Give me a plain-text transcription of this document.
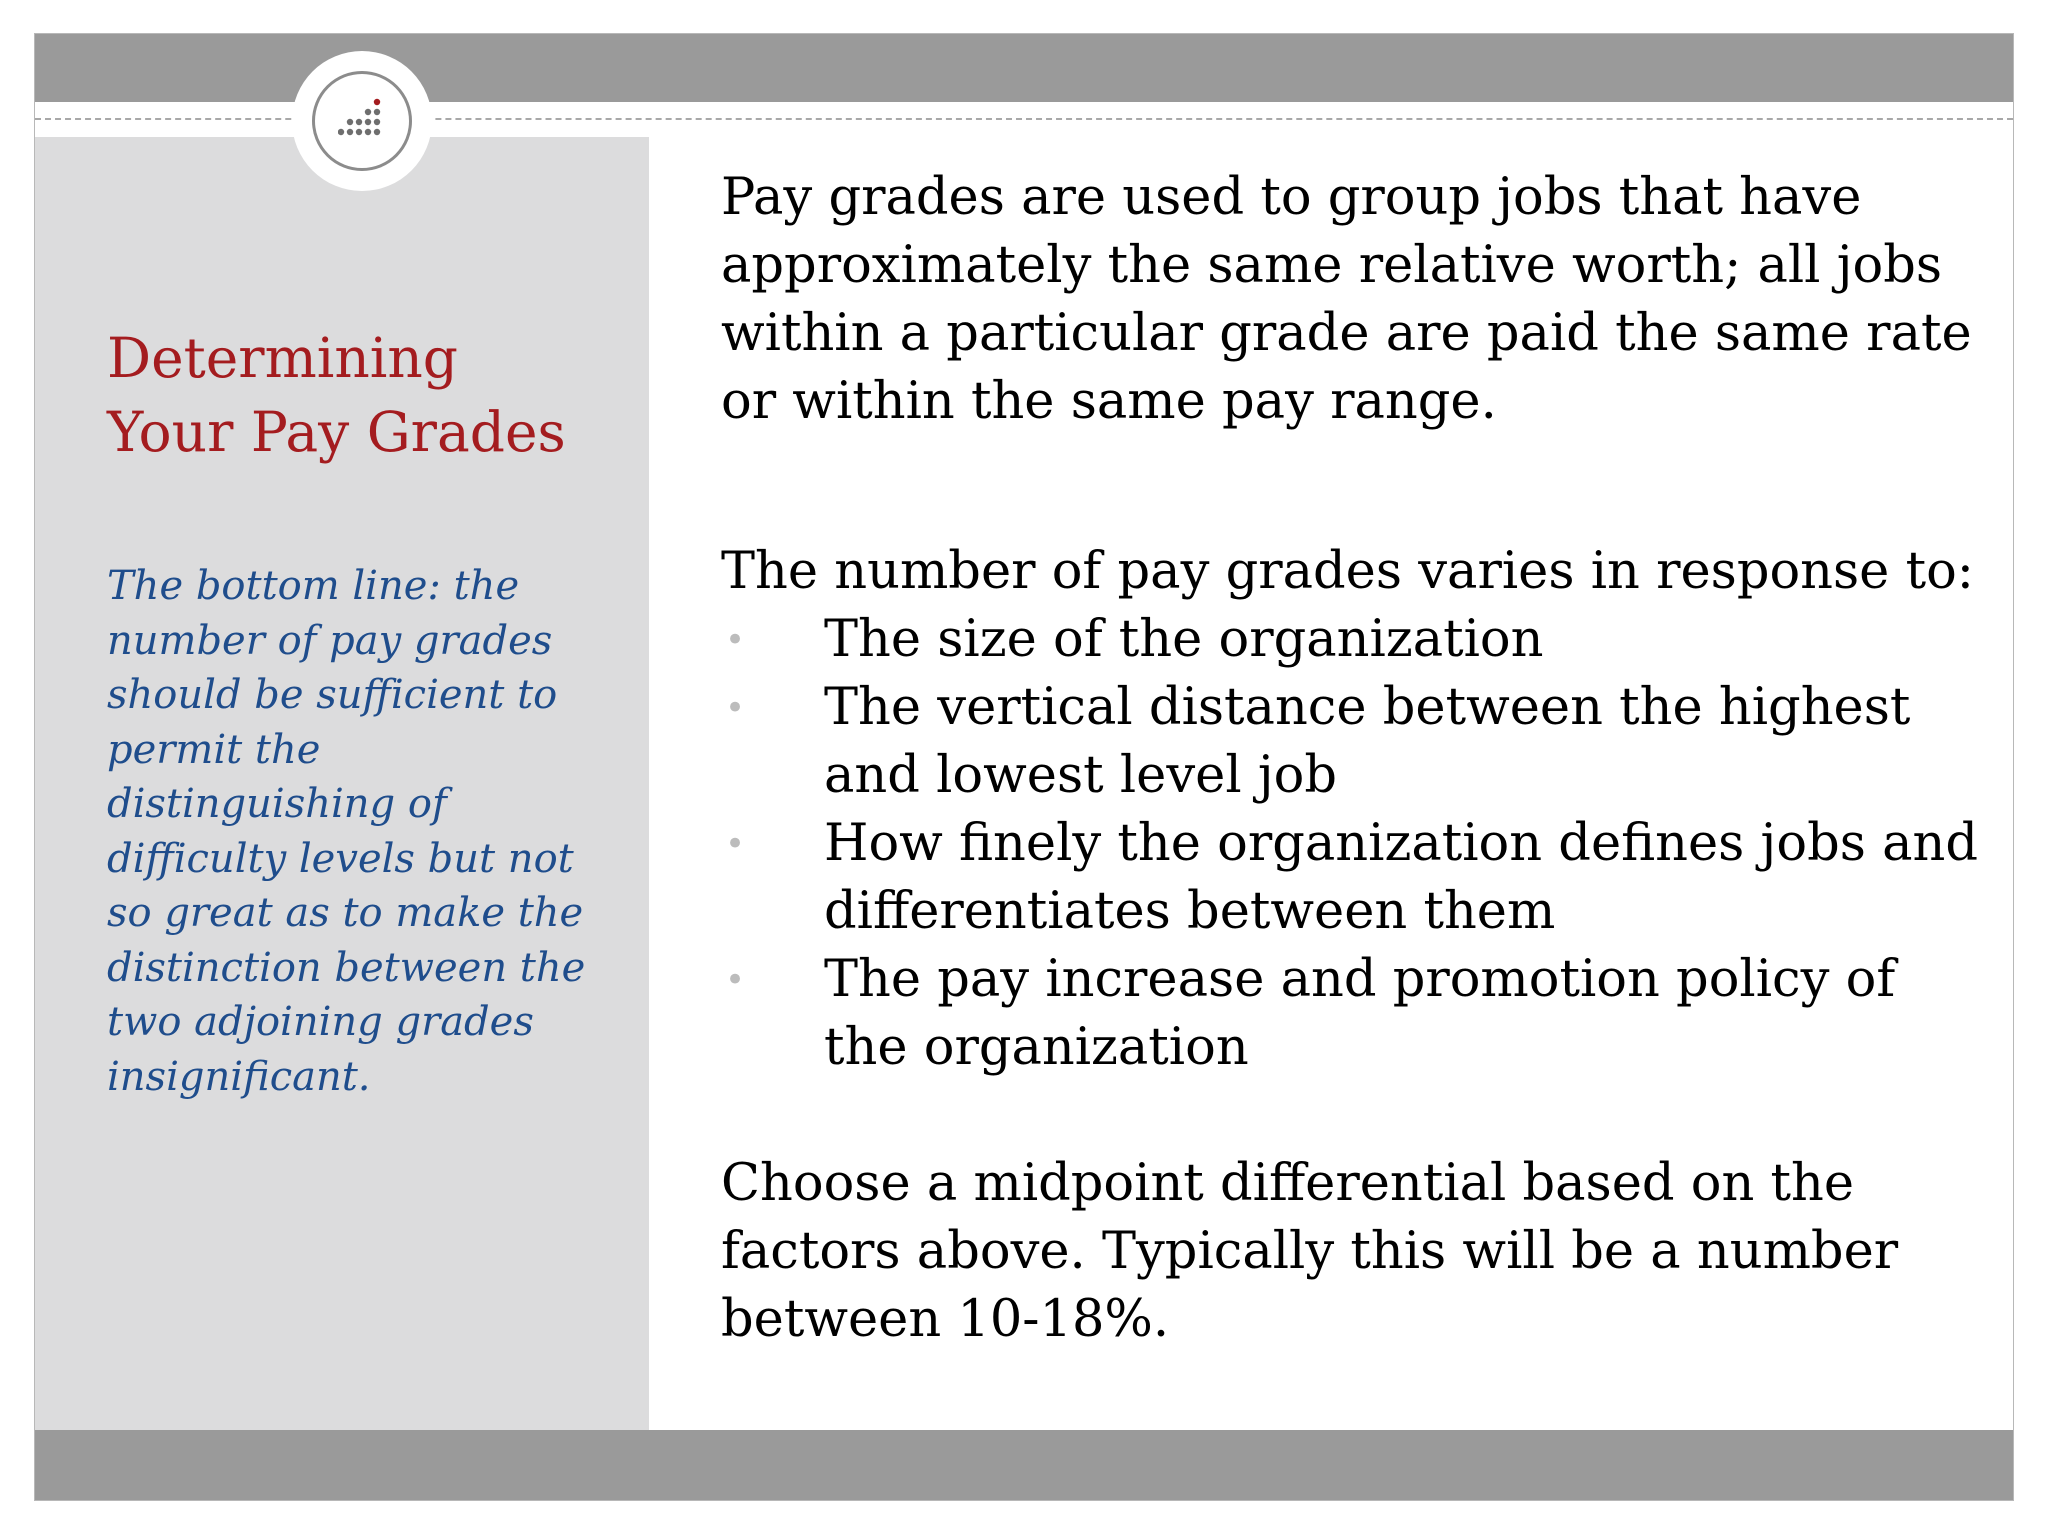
Determining
Your Pay Grades

The bottom line: the number of pay grades should be sufficient to permit the distinguishing of difficulty levels but not so great as to make the distinction between the two adjoining grades insignificant.

Pay grades are used to group jobs that have approximately the same relative worth; all jobs within a particular grade are paid the same rate or within the same pay range.

The number of pay grades varies in response to:

• The size of the organization
• The vertical distance between the highest and lowest level job
• How finely the organization defines jobs and differentiates between them
• The pay increase and promotion policy of the organization

Choose a midpoint differential based on the factors above. Typically this will be a number between 10-18%.
